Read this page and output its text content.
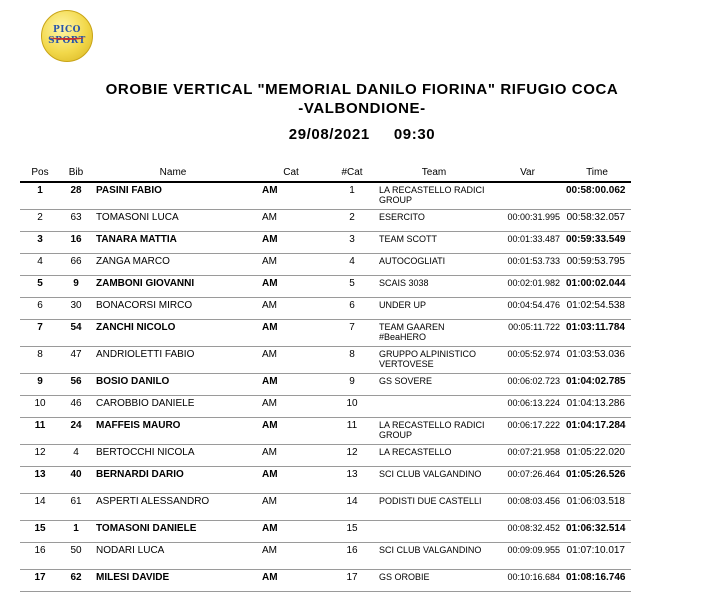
PICO
SPORT
OROBIE VERTICAL "MEMORIAL DANILO FIORINA" RIFUGIO COCA
-VALBONDIONE-
29/08/2021 09:30
Pos	Bib	Name	Cat	#Cat	Team	Var	Time
1	28	PASINI FABIO	AM	1	LA RECASTELLO RADICI GROUP		00:58:00.062
2	63	TOMASONI LUCA	AM	2	ESERCITO	00:00:31.995	00:58:32.057
3	16	TANARA MATTIA	AM	3	TEAM SCOTT	00:01:33.487	00:59:33.549
4	66	ZANGA MARCO	AM	4	AUTOCOGLIATI	00:01:53.733	00:59:53.795
5	9	ZAMBONI GIOVANNI	AM	5	SCAIS 3038	00:02:01.982	01:00:02.044
6	30	BONACORSI MIRCO	AM	6	UNDER UP	00:04:54.476	01:02:54.538
7	54	ZANCHI NICOLO	AM	7	TEAM GAAREN #BeaHERO	00:05:11.722	01:03:11.784
8	47	ANDRIOLETTI FABIO	AM	8	GRUPPO ALPINISTICO VERTOVESE	00:05:52.974	01:03:53.036
9	56	BOSIO DANILO	AM	9	GS SOVERE	00:06:02.723	01:04:02.785
10	46	CAROBBIO DANIELE	AM	10		00:06:13.224	01:04:13.286
11	24	MAFFEIS MAURO	AM	11	LA RECASTELLO RADICI GROUP	00:06:17.222	01:04:17.284
12	4	BERTOCCHI NICOLA	AM	12	LA RECASTELLO	00:07:21.958	01:05:22.020
13	40	BERNARDI DARIO	AM	13	SCI CLUB VALGANDINO	00:07:26.464	01:05:26.526
14	61	ASPERTI ALESSANDRO	AM	14	PODISTI DUE CASTELLI	00:08:03.456	01:06:03.518
15	1	TOMASONI DANIELE	AM	15		00:08:32.452	01:06:32.514
16	50	NODARI LUCA	AM	16	SCI CLUB VALGANDINO	00:09:09.955	01:07:10.017
17	62	MILESI DAVIDE	AM	17	GS OROBIE	00:10:16.684	01:08:16.746
